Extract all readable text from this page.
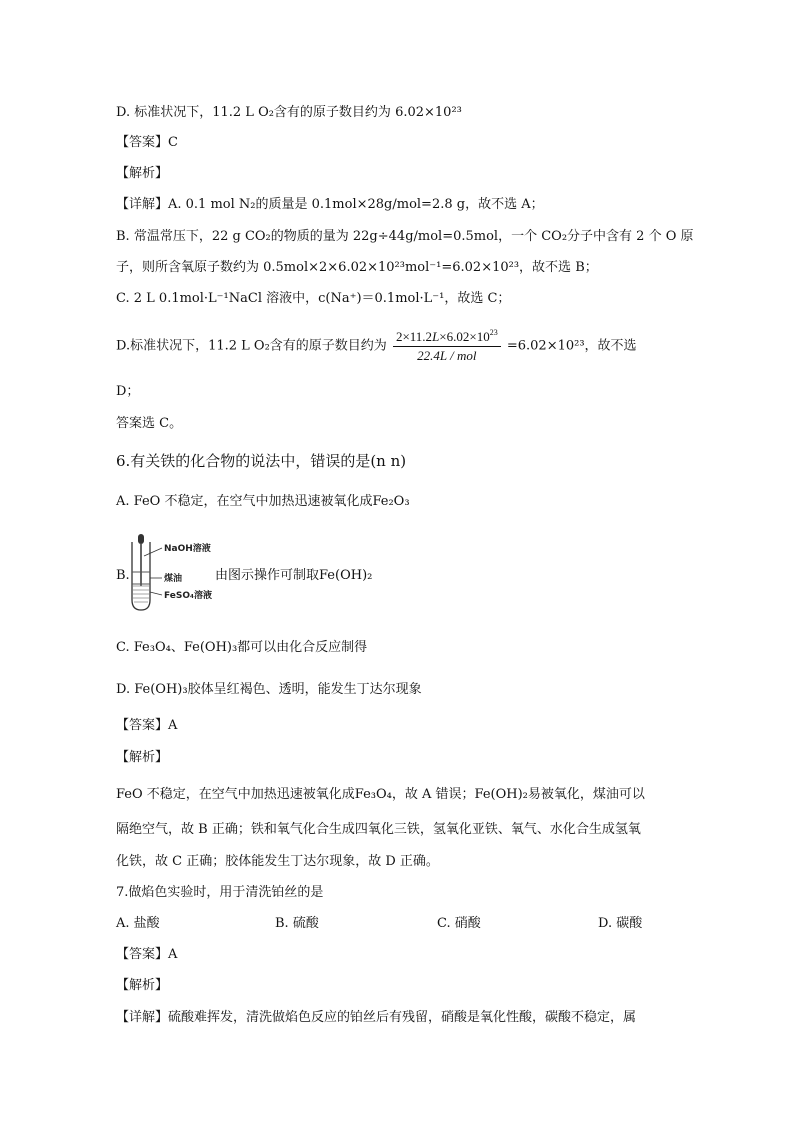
D. 标准状况下，11.2 L O₂含有的原子数目约为 6.02×10²³
【答案】C
【解析】
【详解】A. 0.1 mol N₂的质量是 0.1mol×28g/mol=2.8 g，故不选 A；
B. 常温常压下，22 g CO₂的物质的量为 22g÷44g/mol=0.5mol，一个 CO₂分子中含有 2 个 O 原
子，则所含氧原子数约为 0.5mol×2×6.02×10²³mol⁻¹=6.02×10²³，故不选 B；
C. 2 L 0.1mol·L⁻¹NaCl 溶液中，c(Na⁺)＝0.1mol·L⁻¹，故选 C；
D.标准状况下，11.2 L O₂含有的原子数目约为 $\frac{2\times 11.2L\times 6.02\times 10^{23}}{\text{22.4L / mol}} =6.02\times 10^{23}$，故不选
D；
答案选 C。
6.有关铁的化合物的说法中，错误的是(n n)
A. FeO 不稳定，在空气中加热迅速被氧化成Fe₂O₃
B.
NaOH溶液
煤油
FeSO₄溶液
由图示操作可制取Fe(OH)₂
C. Fe₃O₄、Fe(OH)₃都可以由化合反应制得
D. Fe(OH)₃胶体呈红褐色、透明，能发生丁达尔现象
【答案】A
【解析】
FeO 不稳定，在空气中加热迅速被氧化成Fe₃O₄，故 A 错误；Fe(OH)₂易被氧化，煤油可以
隔绝空气，故 B 正确；铁和氧气化合生成四氧化三铁，氢氧化亚铁、氧气、水化合生成氢氧
化铁，故 C 正确；胶体能发生丁达尔现象，故 D 正确。
7.做焰色实验时，用于清洗铂丝的是
A. 盐酸	B. 硫酸	C. 硝酸	D. 碳酸
【答案】A
【解析】
【详解】硫酸难挥发，清洗做焰色反应的铂丝后有残留，硝酸是氧化性酸，碳酸不稳定，属
